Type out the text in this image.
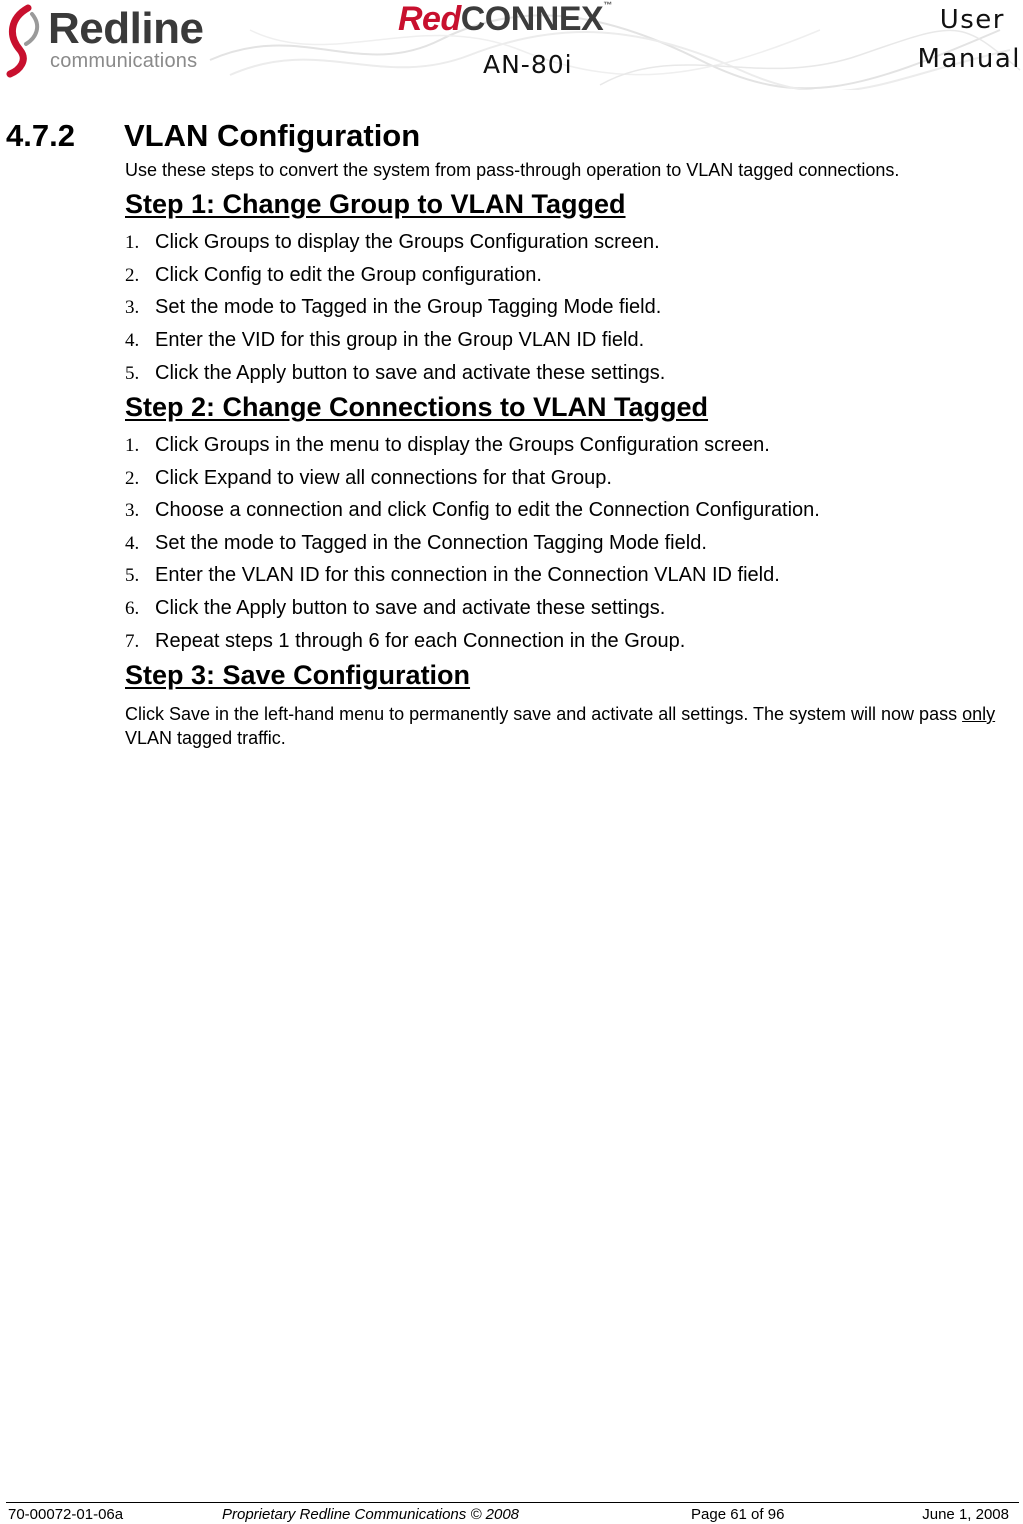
Redline
communications
RedCONNEX™
AN-80i
User
Manual
4.7.2 VLAN Configuration
Use these steps to convert the system from pass-through operation to VLAN tagged connections.
Step 1: Change Group to VLAN Tagged
1. Click Groups to display the Groups Configuration screen.
2. Click Config to edit the Group configuration.
3. Set the mode to Tagged in the Group Tagging Mode field.
4. Enter the VID for this group in the Group VLAN ID field.
5. Click the Apply button to save and activate these settings.
Step 2: Change Connections to VLAN Tagged
1. Click Groups in the menu to display the Groups Configuration screen.
2. Click Expand to view all connections for that Group.
3. Choose a connection and click Config to edit the Connection Configuration.
4. Set the mode to Tagged in the Connection Tagging Mode field.
5. Enter the VLAN ID for this connection in the Connection VLAN ID field.
6. Click the Apply button to save and activate these settings.
7. Repeat steps 1 through 6 for each Connection in the Group.
Step 3: Save Configuration
Click Save in the left-hand menu to permanently save and activate all settings. The system will now pass only VLAN tagged traffic.
70-00072-01-06a	Proprietary Redline Communications © 2008	Page 61 of 96	June 1, 2008
